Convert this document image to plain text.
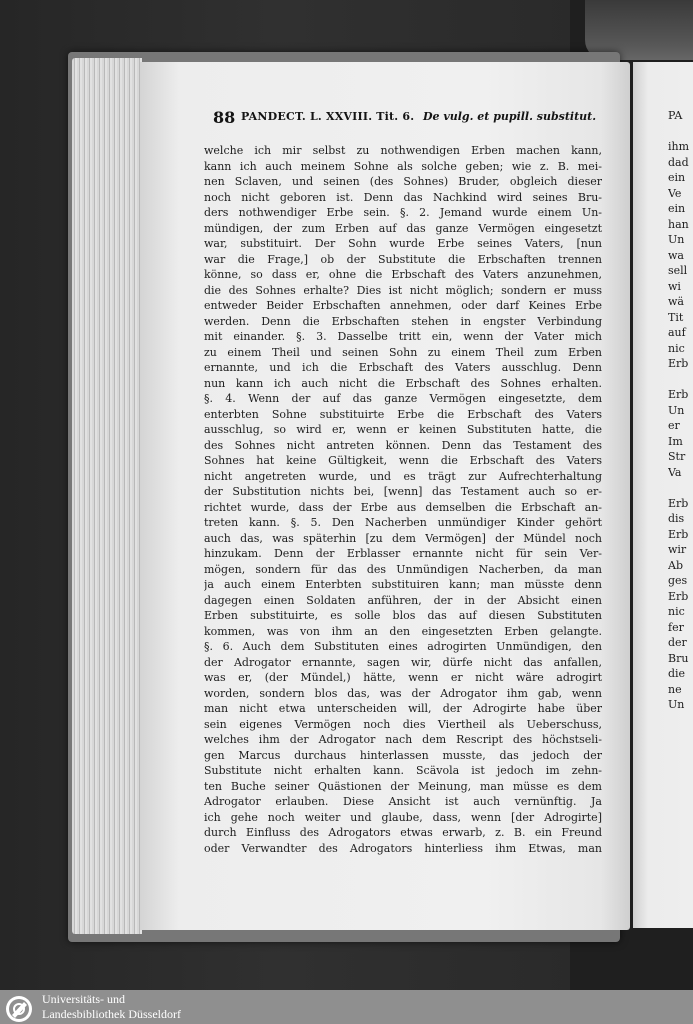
88 PANDECT. L. XXVIII. Tit. 6. De vulg. et pupill. substitut.
welche ich mir selbst zu nothwendigen Erben machen kann,
kann ich auch meinem Sohne als solche geben; wie z. B. mei-
nen Sclaven, und seinen (des Sohnes) Bruder, obgleich dieser
noch nicht geboren ist. Denn das Nachkind wird seines Bru-
ders nothwendiger Erbe sein. §. 2. Jemand wurde einem Un-
mündigen, der zum Erben auf das ganze Vermögen eingesetzt
war, substituirt. Der Sohn wurde Erbe seines Vaters, [nun
war die Frage,] ob der Substitute die Erbschaften trennen
könne, so dass er, ohne die Erbschaft des Vaters anzunehmen,
die des Sohnes erhalte? Dies ist nicht möglich; sondern er muss
entweder Beider Erbschaften annehmen, oder darf Keines Erbe
werden. Denn die Erbschaften stehen in engster Verbindung
mit einander. §. 3. Dasselbe tritt ein, wenn der Vater mich
zu einem Theil und seinen Sohn zu einem Theil zum Erben
ernannte, und ich die Erbschaft des Vaters ausschlug. Denn
nun kann ich auch nicht die Erbschaft des Sohnes erhalten.
§. 4. Wenn der auf das ganze Vermögen eingesetzte, dem
enterbten Sohne substituirte Erbe die Erbschaft des Vaters
ausschlug, so wird er, wenn er keinen Substituten hatte, die
des Sohnes nicht antreten können. Denn das Testament des
Sohnes hat keine Gültigkeit, wenn die Erbschaft des Vaters
nicht angetreten wurde, und es trägt zur Aufrechterhaltung
der Substitution nichts bei, [wenn] das Testament auch so er-
richtet wurde, dass der Erbe aus demselben die Erbschaft an-
treten kann. §. 5. Den Nacherben unmündiger Kinder gehört
auch das, was späterhin [zu dem Vermögen] der Mündel noch
hinzukam. Denn der Erblasser ernannte nicht für sein Ver-
mögen, sondern für das des Unmündigen Nacherben, da man
ja auch einem Enterbten substituiren kann; man müsste denn
dagegen einen Soldaten anführen, der in der Absicht einen
Erben substituirte, es solle blos das auf diesen Substituten
kommen, was von ihm an den eingesetzten Erben gelangte.
§. 6. Auch dem Substituten eines adrogirten Unmündigen, den
der Adrogator ernannte, sagen wir, dürfe nicht das anfallen,
was er, (der Mündel,) hätte, wenn er nicht wäre adrogirt
worden, sondern blos das, was der Adrogator ihm gab, wenn
man nicht etwa unterscheiden will, der Adrogirte habe über
sein eigenes Vermögen noch dies Viertheil als Ueberschuss,
welches ihm der Adrogator nach dem Rescript des höchstseli-
gen Marcus durchaus hinterlassen musste, das jedoch der
Substitute nicht erhalten kann. Scävola ist jedoch im zehn-
ten Buche seiner Quästionen der Meinung, man müsse es dem
Adrogator erlauben. Diese Ansicht ist auch vernünftig. Ja
ich gehe noch weiter und glaube, dass, wenn [der Adrogirte]
durch Einfluss des Adrogators etwas erwarb, z. B. ein Freund
oder Verwandter des Adrogators hinterliess ihm Etwas, man
PA
ihm
dad
ein
Ve
ein
han
Un
wa
sell
wi
wä
Tit
auf
nic
Erb
Erb
Un
er
Im
Str
Va
Erb
dis
Erb
wir
Ab
ges
Erb
nic
fer
der
Bru
die
ne
Un
Universitäts- und
Landesbibliothek Düsseldorf
